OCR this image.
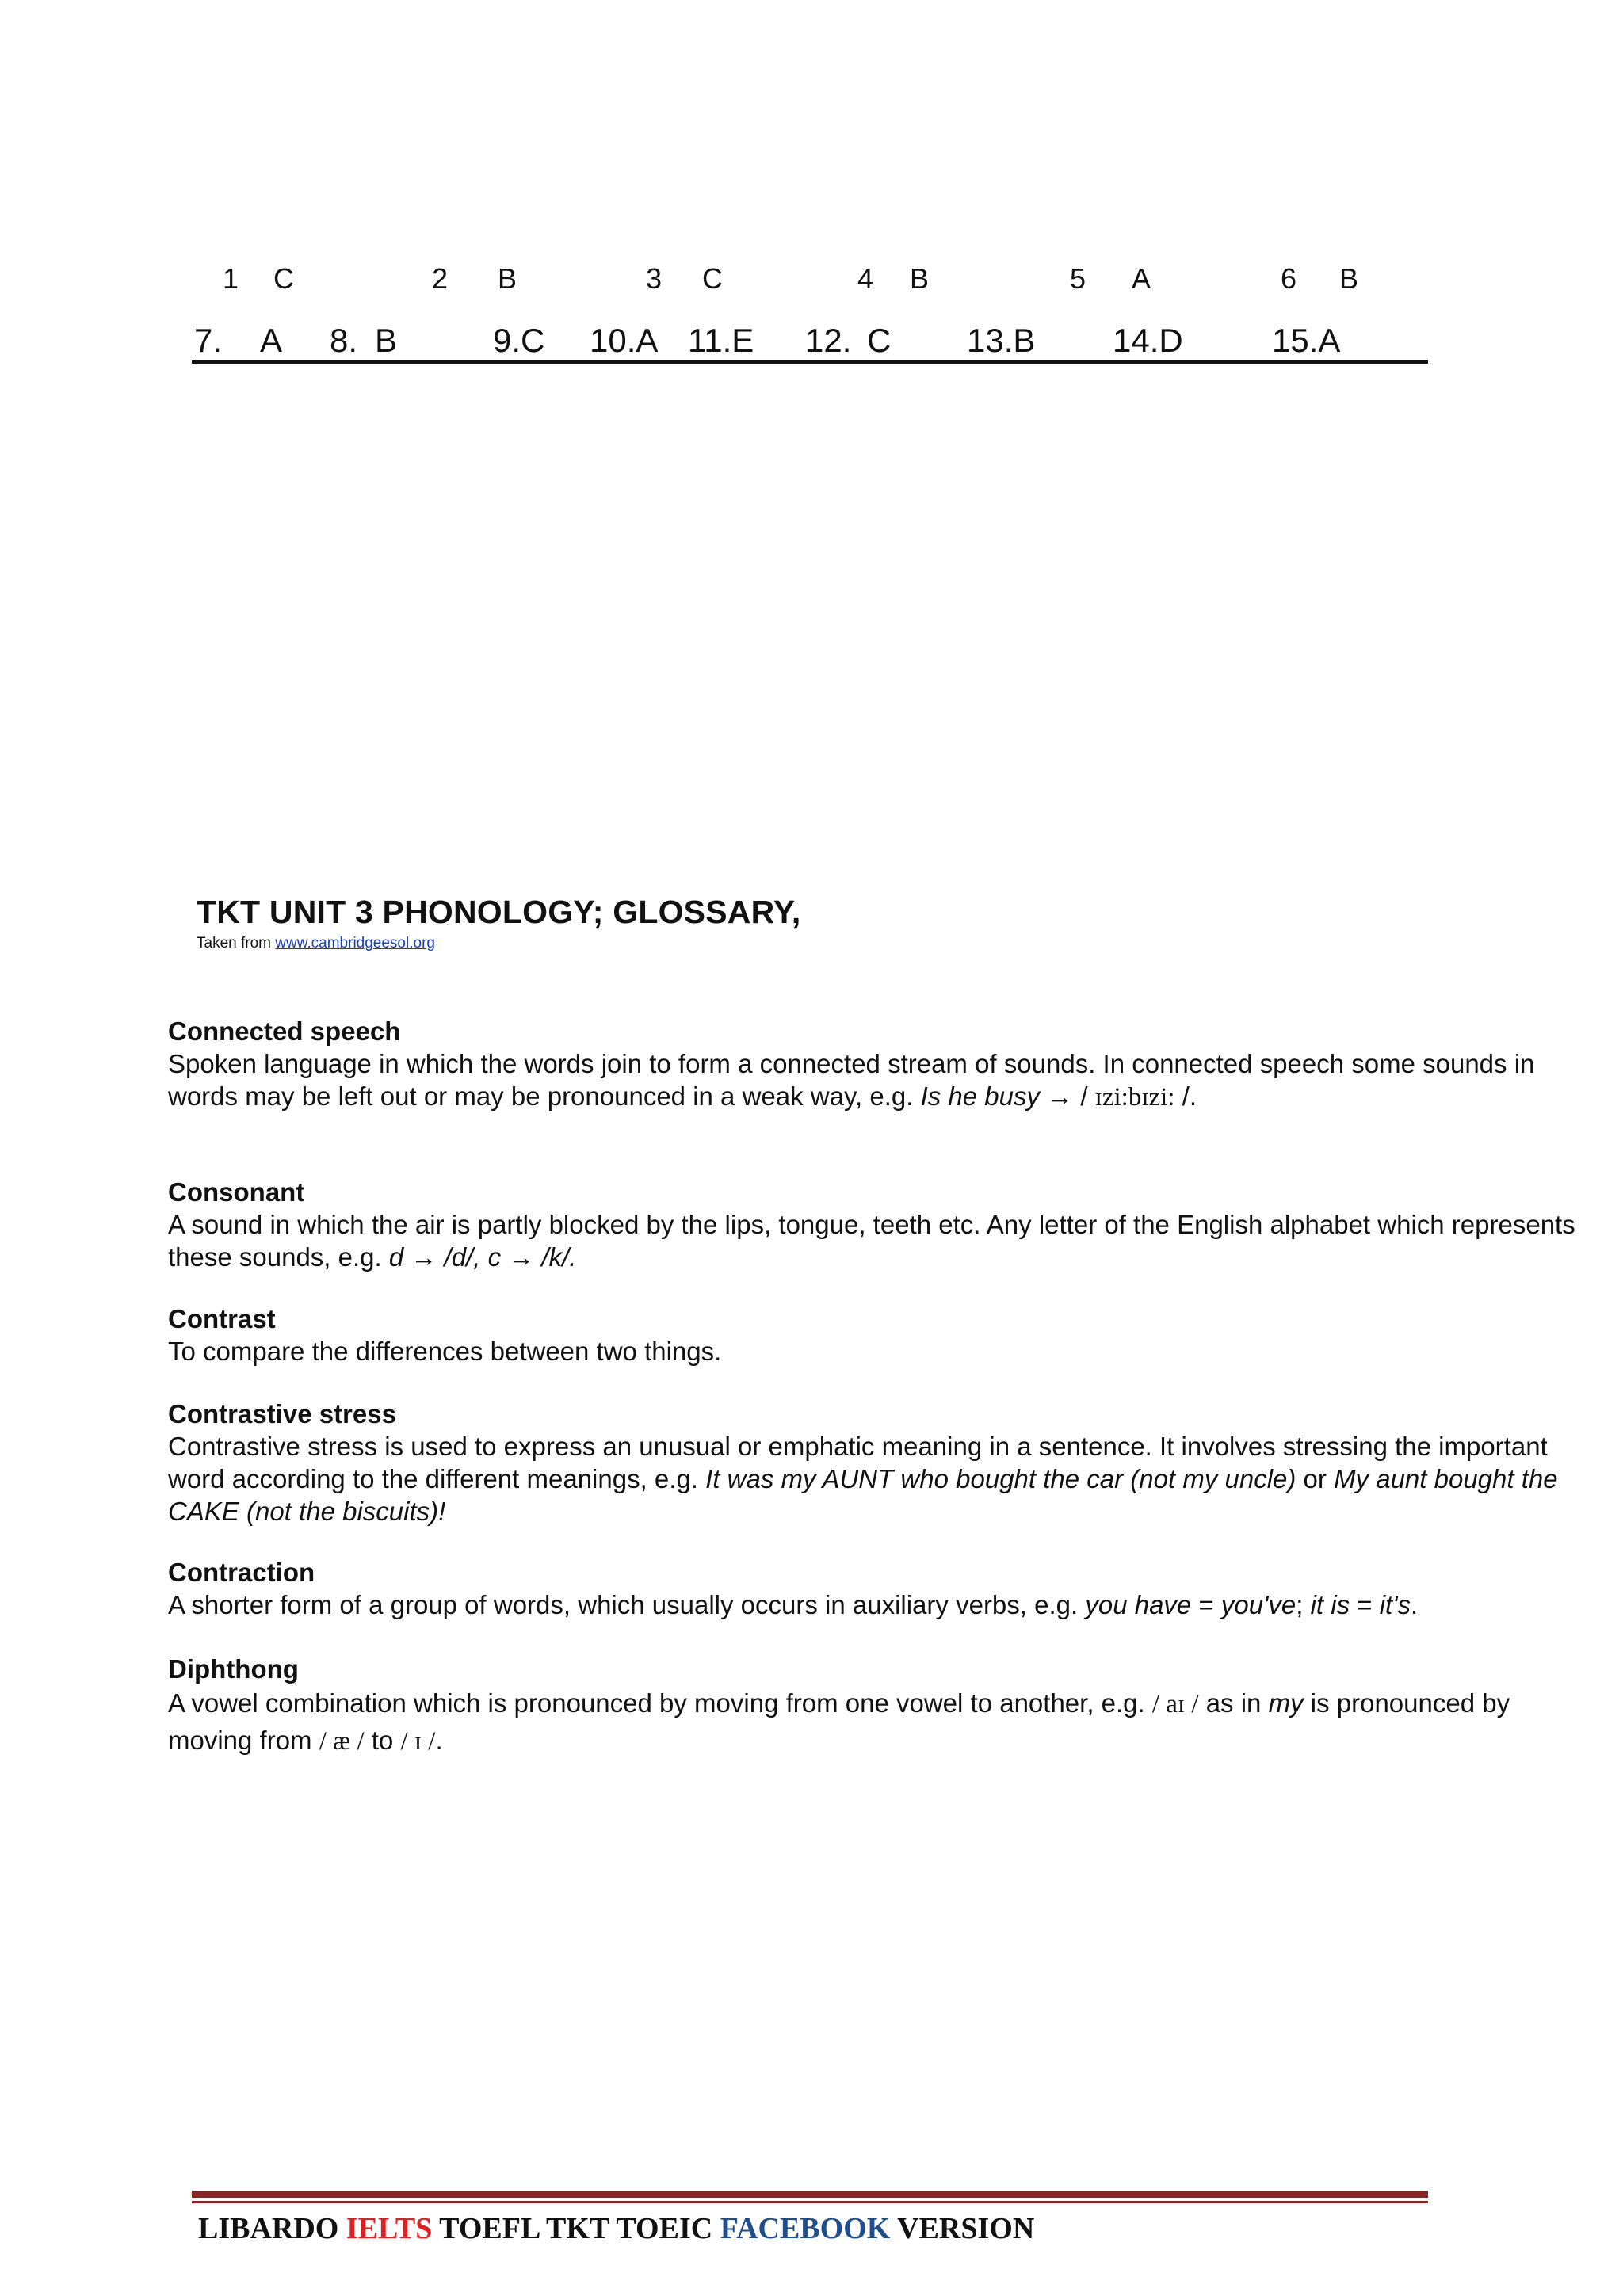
1 C	2 B	3 C	4 B	5 A	6 B
7. A 8. B	9.C 10.A 11.E 12. C 13.B 14.D	15.A
TKT UNIT 3 PHONOLOGY; GLOSSARY,
Taken from www.cambridgeesol.org
Connected speech
Spoken language in which the words join to form a connected stream of sounds. In connected speech some sounds in words may be left out or may be pronounced in a weak way, e.g. Is he busy → / ɪzi:bɪzi: /.
Consonant
A sound in which the air is partly blocked by the lips, tongue, teeth etc. Any letter of the English alphabet which represents these sounds, e.g. d → /d/, c → /k/.
Contrast
To compare the differences between two things.
Contrastive stress
Contrastive stress is used to express an unusual or emphatic meaning in a sentence. It involves stressing the important word according to the different meanings, e.g. It was my AUNT who bought the car (not my uncle) or My aunt bought the CAKE (not the biscuits)!
Contraction
A shorter form of a group of words, which usually occurs in auxiliary verbs, e.g. you have = you've; it is = it's.
Diphthong
A vowel combination which is pronounced by moving from one vowel to another, e.g. / aɪ / as in my is pronounced by moving from / æ / to / ɪ /.
LIBARDO IELTS TOEFL TKT TOEIC FACEBOOK VERSION
